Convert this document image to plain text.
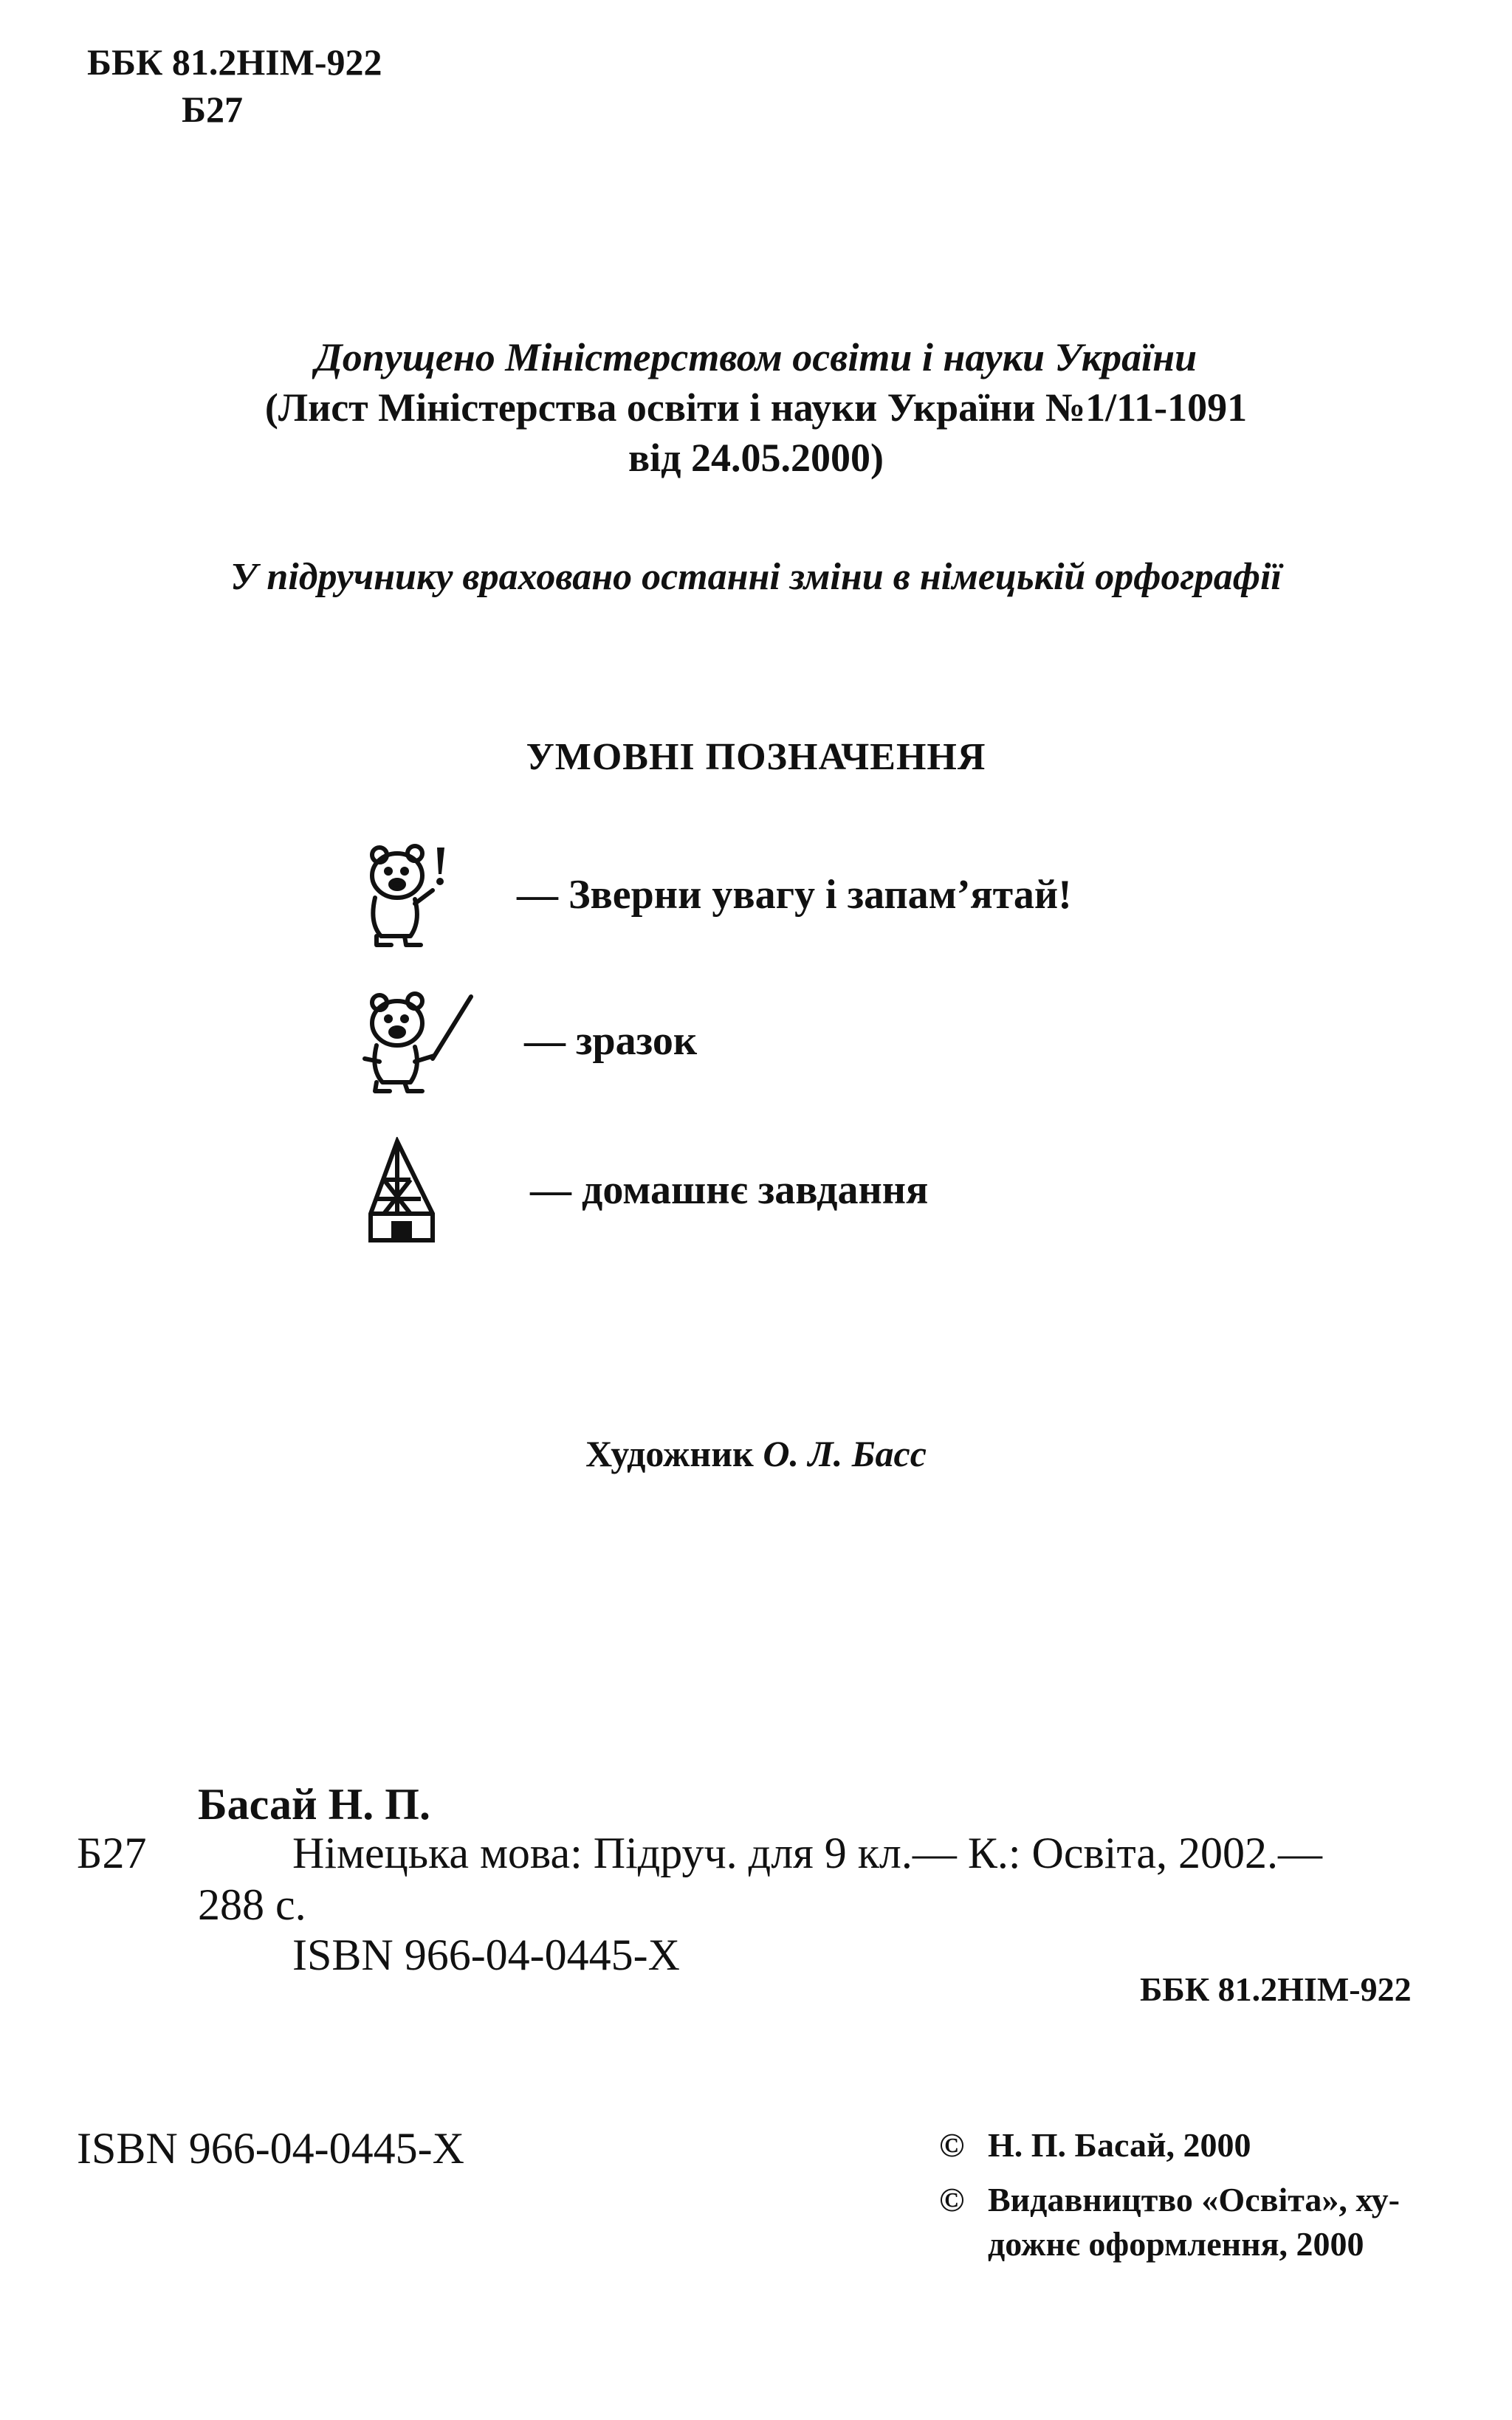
ББК 81.2НІМ-922
Б27
Допущено Міністерством освіти і науки України
(Лист Міністерства освіти і науки України №1/11-1091
від 24.05.2000)
У підручнику враховано останні зміни в німецькій орфографії
УМОВНІ ПОЗНАЧЕННЯ
— Зверни увагу і запам’ятай!
— зразок
— домашнє завдання
Художник О. Л. Басс
Басай Н. П.
Б27	Німецька мова: Підруч. для 9 кл.— К.: Освіта, 2002.—
288 с.
ISBN 966-04-0445-X
ББК 81.2НІМ-922
ISBN 966-04-0445-X	© Н. П. Басай, 2000
© Видавництво «Освіта», ху-
дожнє оформлення, 2000
